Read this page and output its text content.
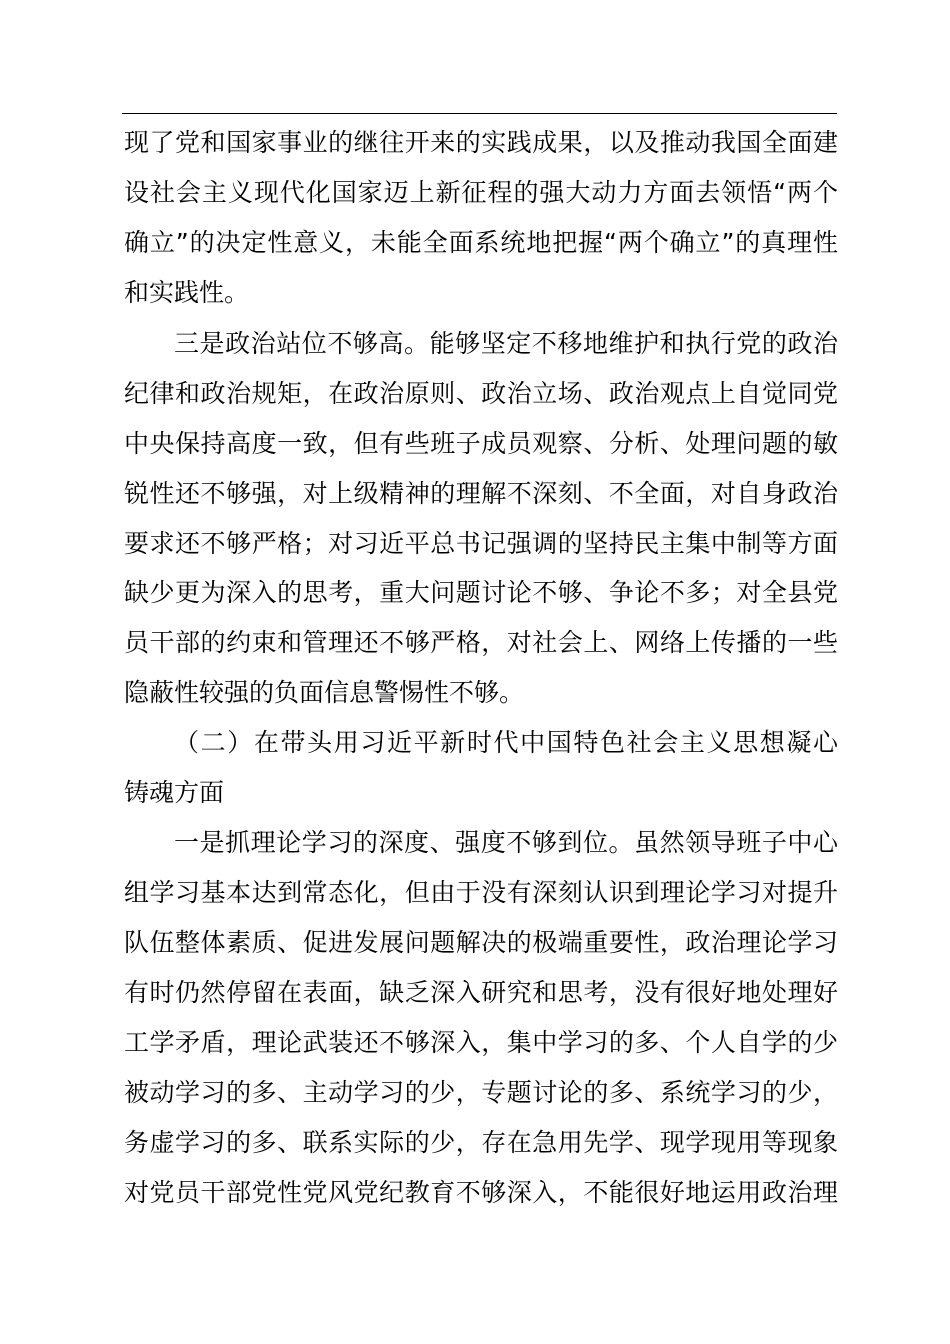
现了党和国家事业的继往开来的实践成果，以及推动我国全面建
设社会主义现代化国家迈上新征程的强大动力方面去领悟“两个
确立”的决定性意义，未能全面系统地把握“两个确立”的真理性
和实践性。
三是政治站位不够高。能够坚定不移地维护和执行党的政治
纪律和政治规矩，在政治原则、政治立场、政治观点上自觉同党
中央保持高度一致，但有些班子成员观察、分析、处理问题的敏
锐性还不够强，对上级精神的理解不深刻、不全面，对自身政治
要求还不够严格；对习近平总书记强调的坚持民主集中制等方面
缺少更为深入的思考，重大问题讨论不够、争论不多；对全县党
员干部的约束和管理还不够严格，对社会上、网络上传播的一些
隐蔽性较强的负面信息警惕性不够。
（二）在带头用习近平新时代中国特色社会主义思想凝心
铸魂方面
一是抓理论学习的深度、强度不够到位。虽然领导班子中心
组学习基本达到常态化，但由于没有深刻认识到理论学习对提升
队伍整体素质、促进发展问题解决的极端重要性，政治理论学习
有时仍然停留在表面，缺乏深入研究和思考，没有很好地处理好
工学矛盾，理论武装还不够深入，集中学习的多、个人自学的少
被动学习的多、主动学习的少，专题讨论的多、系统学习的少，
务虚学习的多、联系实际的少，存在急用先学、现学现用等现象
对党员干部党性党风党纪教育不够深入，不能很好地运用政治理
